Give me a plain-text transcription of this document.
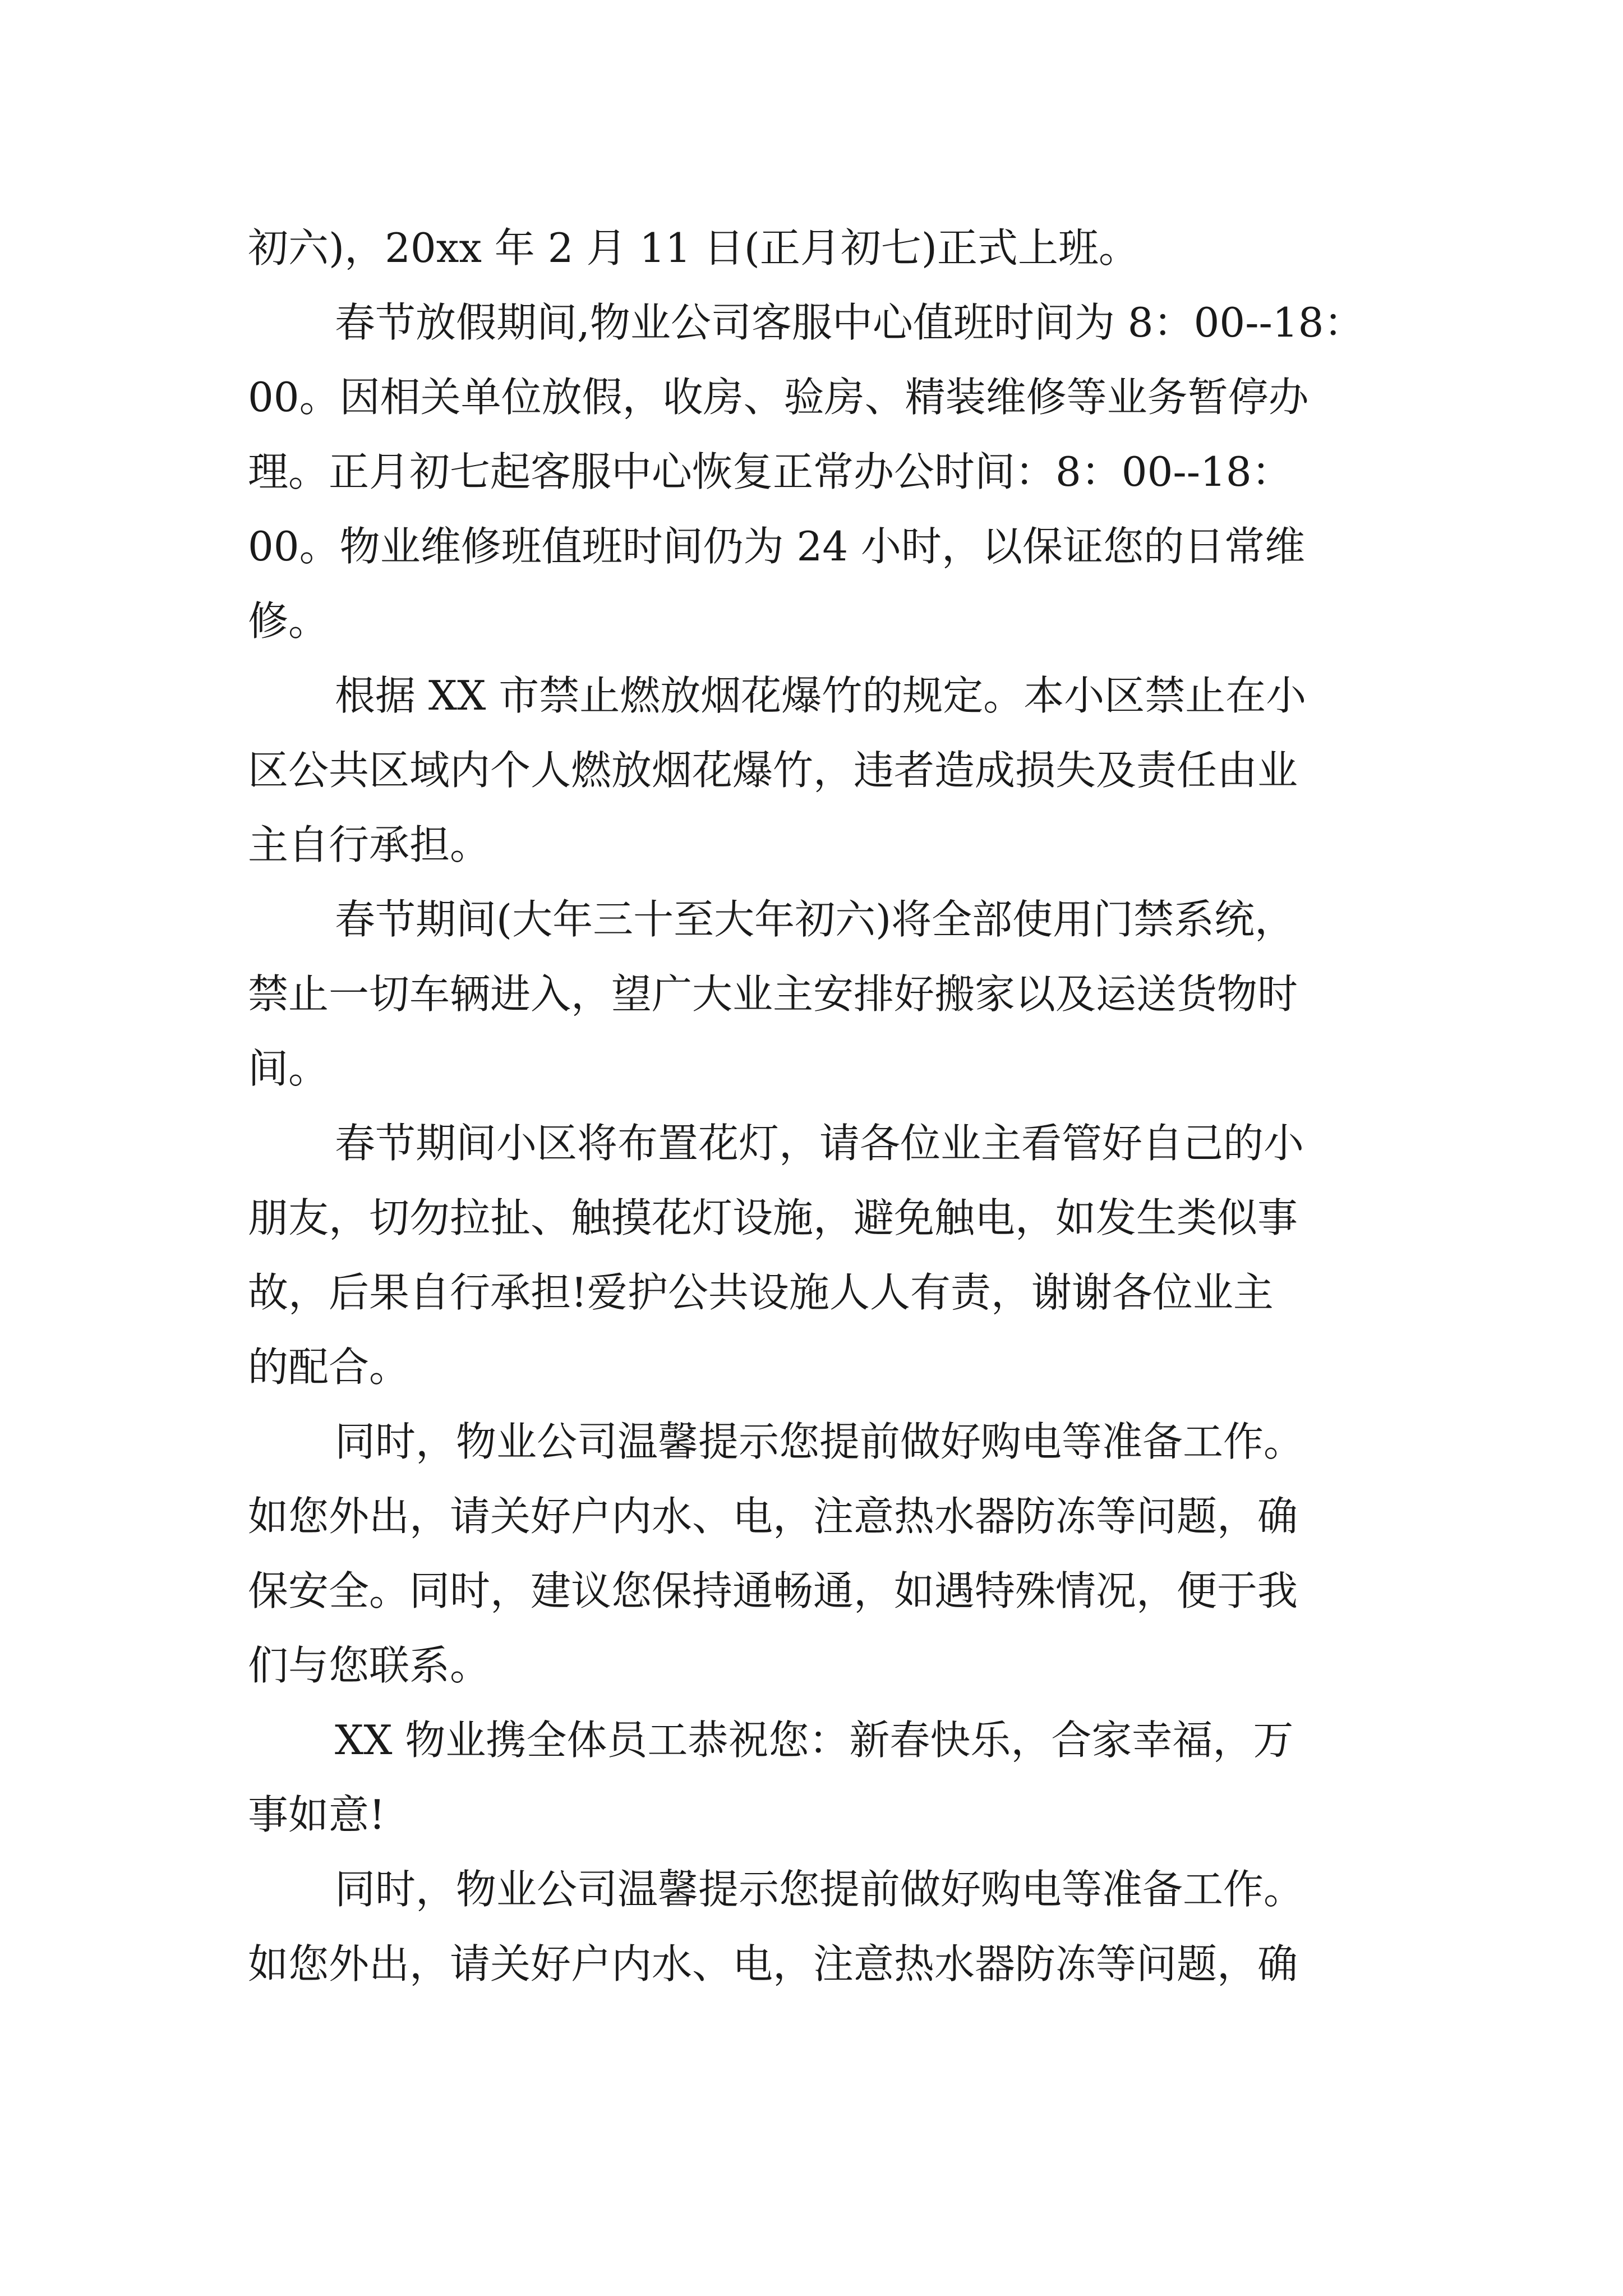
初六)，20xx 年 2 月 11 日(正月初七)正式上班。
春节放假期间,物业公司客服中心值班时间为 8：00--18：
00。因相关单位放假，收房、验房、精装维修等业务暂停办
理。正月初七起客服中心恢复正常办公时间：8：00--18：
00。物业维修班值班时间仍为 24 小时，以保证您的日常维
修。
根据 XX 市禁止燃放烟花爆竹的规定。本小区禁止在小
区公共区域内个人燃放烟花爆竹，违者造成损失及责任由业
主自行承担。
春节期间(大年三十至大年初六)将全部使用门禁系统，
禁止一切车辆进入，望广大业主安排好搬家以及运送货物时
间。
春节期间小区将布置花灯，请各位业主看管好自己的小
朋友，切勿拉扯、触摸花灯设施，避免触电，如发生类似事
故，后果自行承担!爱护公共设施人人有责，谢谢各位业主
的配合。
同时，物业公司温馨提示您提前做好购电等准备工作。
如您外出，请关好户内水、电，注意热水器防冻等问题，确
保安全。同时，建议您保持通畅通，如遇特殊情况，便于我
们与您联系。
XX 物业携全体员工恭祝您：新春快乐，合家幸福，万
事如意!
同时，物业公司温馨提示您提前做好购电等准备工作。
如您外出，请关好户内水、电，注意热水器防冻等问题，确
